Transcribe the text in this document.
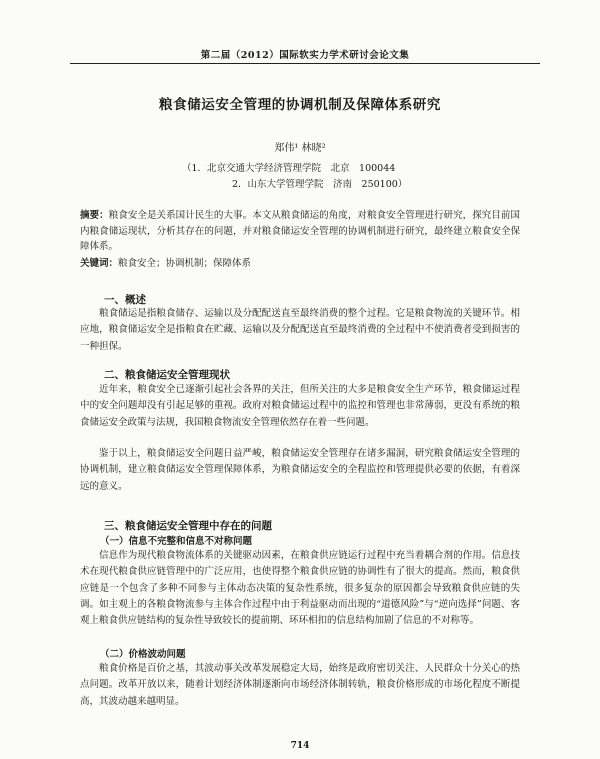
第二届（2012）国际软实力学术研讨会论文集
粮食储运安全管理的协调机制及保障体系研究
郑伟¹ 林晓²
（1．北京交通大学经济管理学院　北京　100044
2．山东大学管理学院　济南　250100）
摘要：粮食安全是关系国计民生的大事。本文从粮食储运的角度，对粮食安全管理进行研究，探究目前国内粮食储运现状，分析其存在的问题，并对粮食储运安全管理的协调机制进行研究，最终建立粮食安全保障体系。
关键词：粮食安全；协调机制；保障体系
一、概述
粮食储运是指粮食储存、运输以及分配配送直至最终消费的整个过程。它是粮食物流的关键环节。相应地，粮食储运安全是指粮食在贮藏、运输以及分配配送直至最终消费的全过程中不使消费者受到损害的一种担保。
二、粮食储运安全管理现状
近年来，粮食安全已逐渐引起社会各界的关注，但所关注的大多是粮食安全生产环节，粮食储运过程中的安全问题却没有引起足够的重视。政府对粮食储运过程中的监控和管理也非常薄弱，更没有系统的粮食储运安全政策与法规，我国粮食物流安全管理依然存在着一些问题。
鉴于以上，粮食储运安全问题日益严峻，粮食储运安全管理存在诸多漏洞，研究粮食储运安全管理的协调机制，建立粮食储运安全管理保障体系，为粮食储运安全的全程监控和管理提供必要的依据，有着深远的意义。
三、粮食储运安全管理中存在的问题
（一）信息不完整和信息不对称问题
信息作为现代粮食物流体系的关键驱动因素，在粮食供应链运行过程中充当着耦合剂的作用。信息技术在现代粮食供应链管理中的广泛应用，也使得整个粮食供应链的协调性有了很大的提高。然而，粮食供应链是一个包含了多种不同参与主体动态决策的复杂性系统，很多复杂的原因都会导致粮食供应链的失调。如主观上的各粮食物流参与主体合作过程中由于利益驱动而出现的“道德风险”与“逆向选择”问题、客观上粮食供应链结构的复杂性导致较长的提前期、环环相扣的信息结构加剧了信息的不对称等。
（二）价格波动问题
粮食价格是百价之基，其波动事关改革发展稳定大局，始终是政府密切关注、人民群众十分关心的热点问题。改革开放以来，随着计划经济体制逐渐向市场经济体制转轨，粮食价格形成的市场化程度不断提高，其波动越来越明显。
714
